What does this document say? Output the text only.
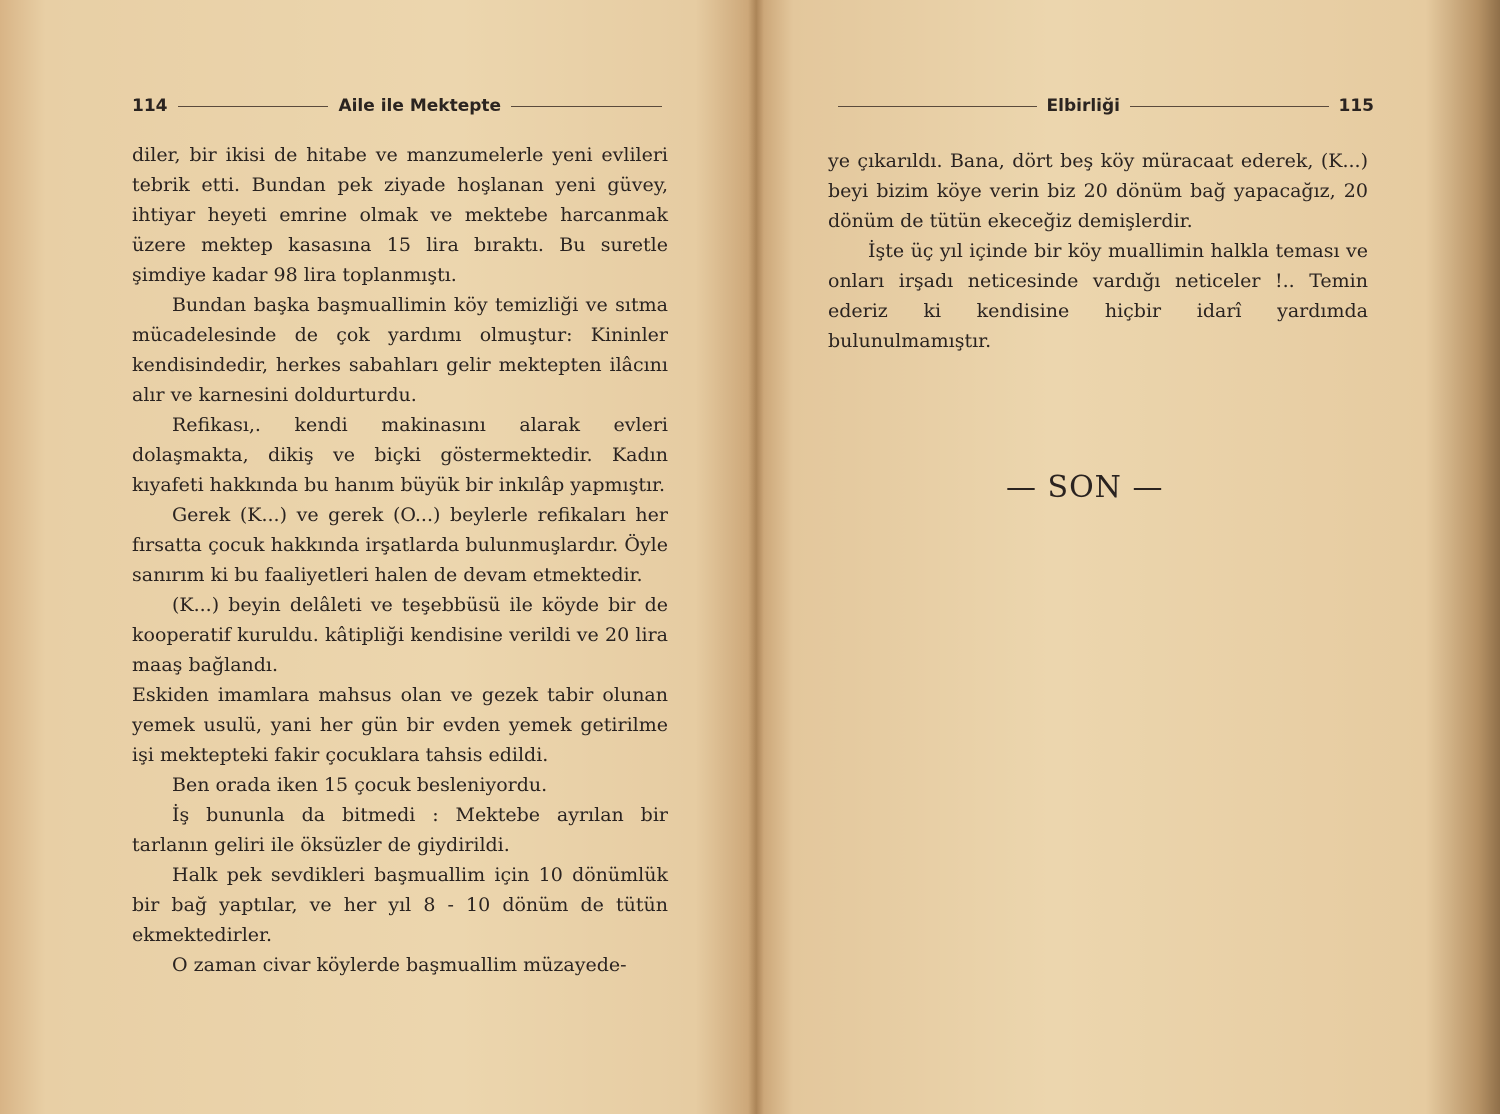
114	Aile ile Mektepte

diler, bir ikisi de hitabe ve manzumelerle yeni evlileri tebrik etti. Bundan pek ziyade hoşlanan yeni güvey, ihtiyar heyeti emrine olmak ve mektebe harcanmak üzere mektep kasasına 15 lira bıraktı. Bu suretle şimdiye kadar 98 lira toplanmıştı.

Bundan başka başmuallimin köy temizliği ve sıtma mücadelesinde de çok yardımı olmuştur: Kininler kendisindedir, herkes sabahları gelir mektepten ilâcını alır ve karnesini doldurturdu.

Refikası,. kendi makinasını alarak evleri dolaşmakta, dikiş ve biçki göstermektedir. Kadın kıyafeti hakkında bu hanım büyük bir inkılâp yapmıştır.

Gerek (K...) ve gerek (O...) beylerle refikaları her fırsatta çocuk hakkında irşatlarda bulunmuşlardır. Öyle sanırım ki bu faaliyetleri halen de devam etmektedir.

(K...) beyin delâleti ve teşebbüsü ile köyde bir de kooperatif kuruldu. kâtipliği kendisine verildi ve 20 lira maaş bağlandı.

Eskiden imamlara mahsus olan ve gezek tabir olunan yemek usulü, yani her gün bir evden yemek getirilme işi mektepteki fakir çocuklara tahsis edildi.

Ben orada iken 15 çocuk besleniyordu.

İş bununla da bitmedi : Mektebe ayrılan bir tarlanın geliri ile öksüzler de giydirildi.

Halk pek sevdikleri başmuallim için 10 dönümlük bir bağ yaptılar, ve her yıl 8 - 10 dönüm de tütün ekmektedirler.

O zaman civar köylerde başmuallim müzayede-

Elbirliği	115

ye çıkarıldı. Bana, dört beş köy müracaat ederek, (K...) beyi bizim köye verin biz 20 dönüm bağ yapacağız, 20 dönüm de tütün ekeceğiz demişlerdir.

İşte üç yıl içinde bir köy muallimin halkla teması ve onları irşadı neticesinde vardığı neticeler !.. Temin ederiz ki kendisine hiçbir idarî yardımda bulunulmamıştır.

— SON —
